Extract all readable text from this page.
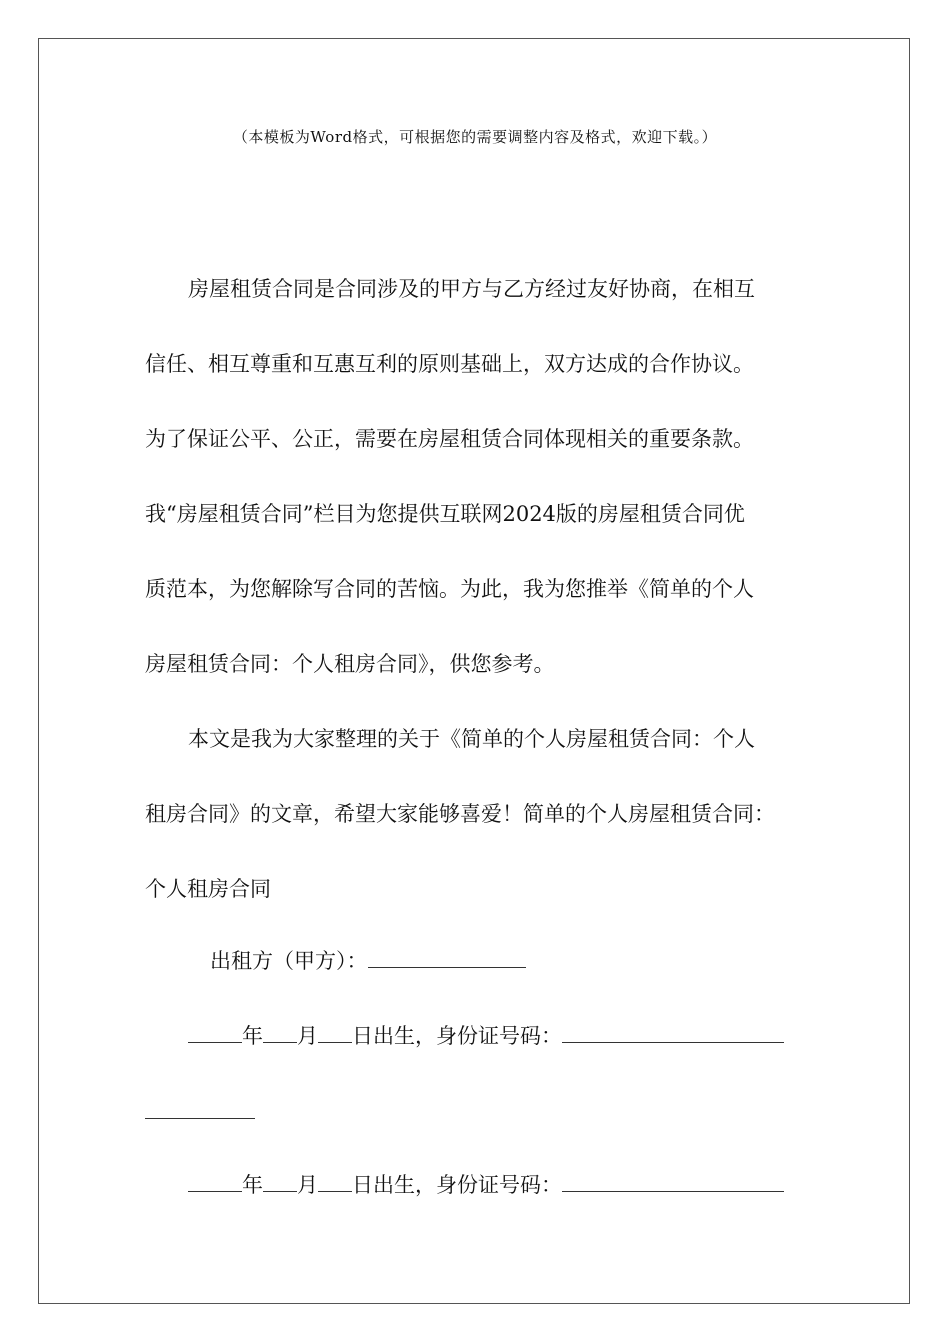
（本模板为Word格式，可根据您的需要调整内容及格式，欢迎下载。）
房屋租赁合同是合同涉及的甲方与乙方经过友好协商，在相互
信任、相互尊重和互惠互利的原则基础上，双方达成的合作协议。
为了保证公平、公正，需要在房屋租赁合同体现相关的重要条款。
我“房屋租赁合同”栏目为您提供互联网2024版的房屋租赁合同优
质范本，为您解除写合同的苦恼。为此，我为您推举《简单的个人
房屋租赁合同：个人租房合同》，供您参考。
本文是我为大家整理的关于《简单的个人房屋租赁合同：个人
租房合同》的文章，希望大家能够喜爱！简单的个人房屋租赁合同：
个人租房合同
出租方（甲方）：
年 月 日出生，身份证号码：
年 月 日出生，身份证号码：
